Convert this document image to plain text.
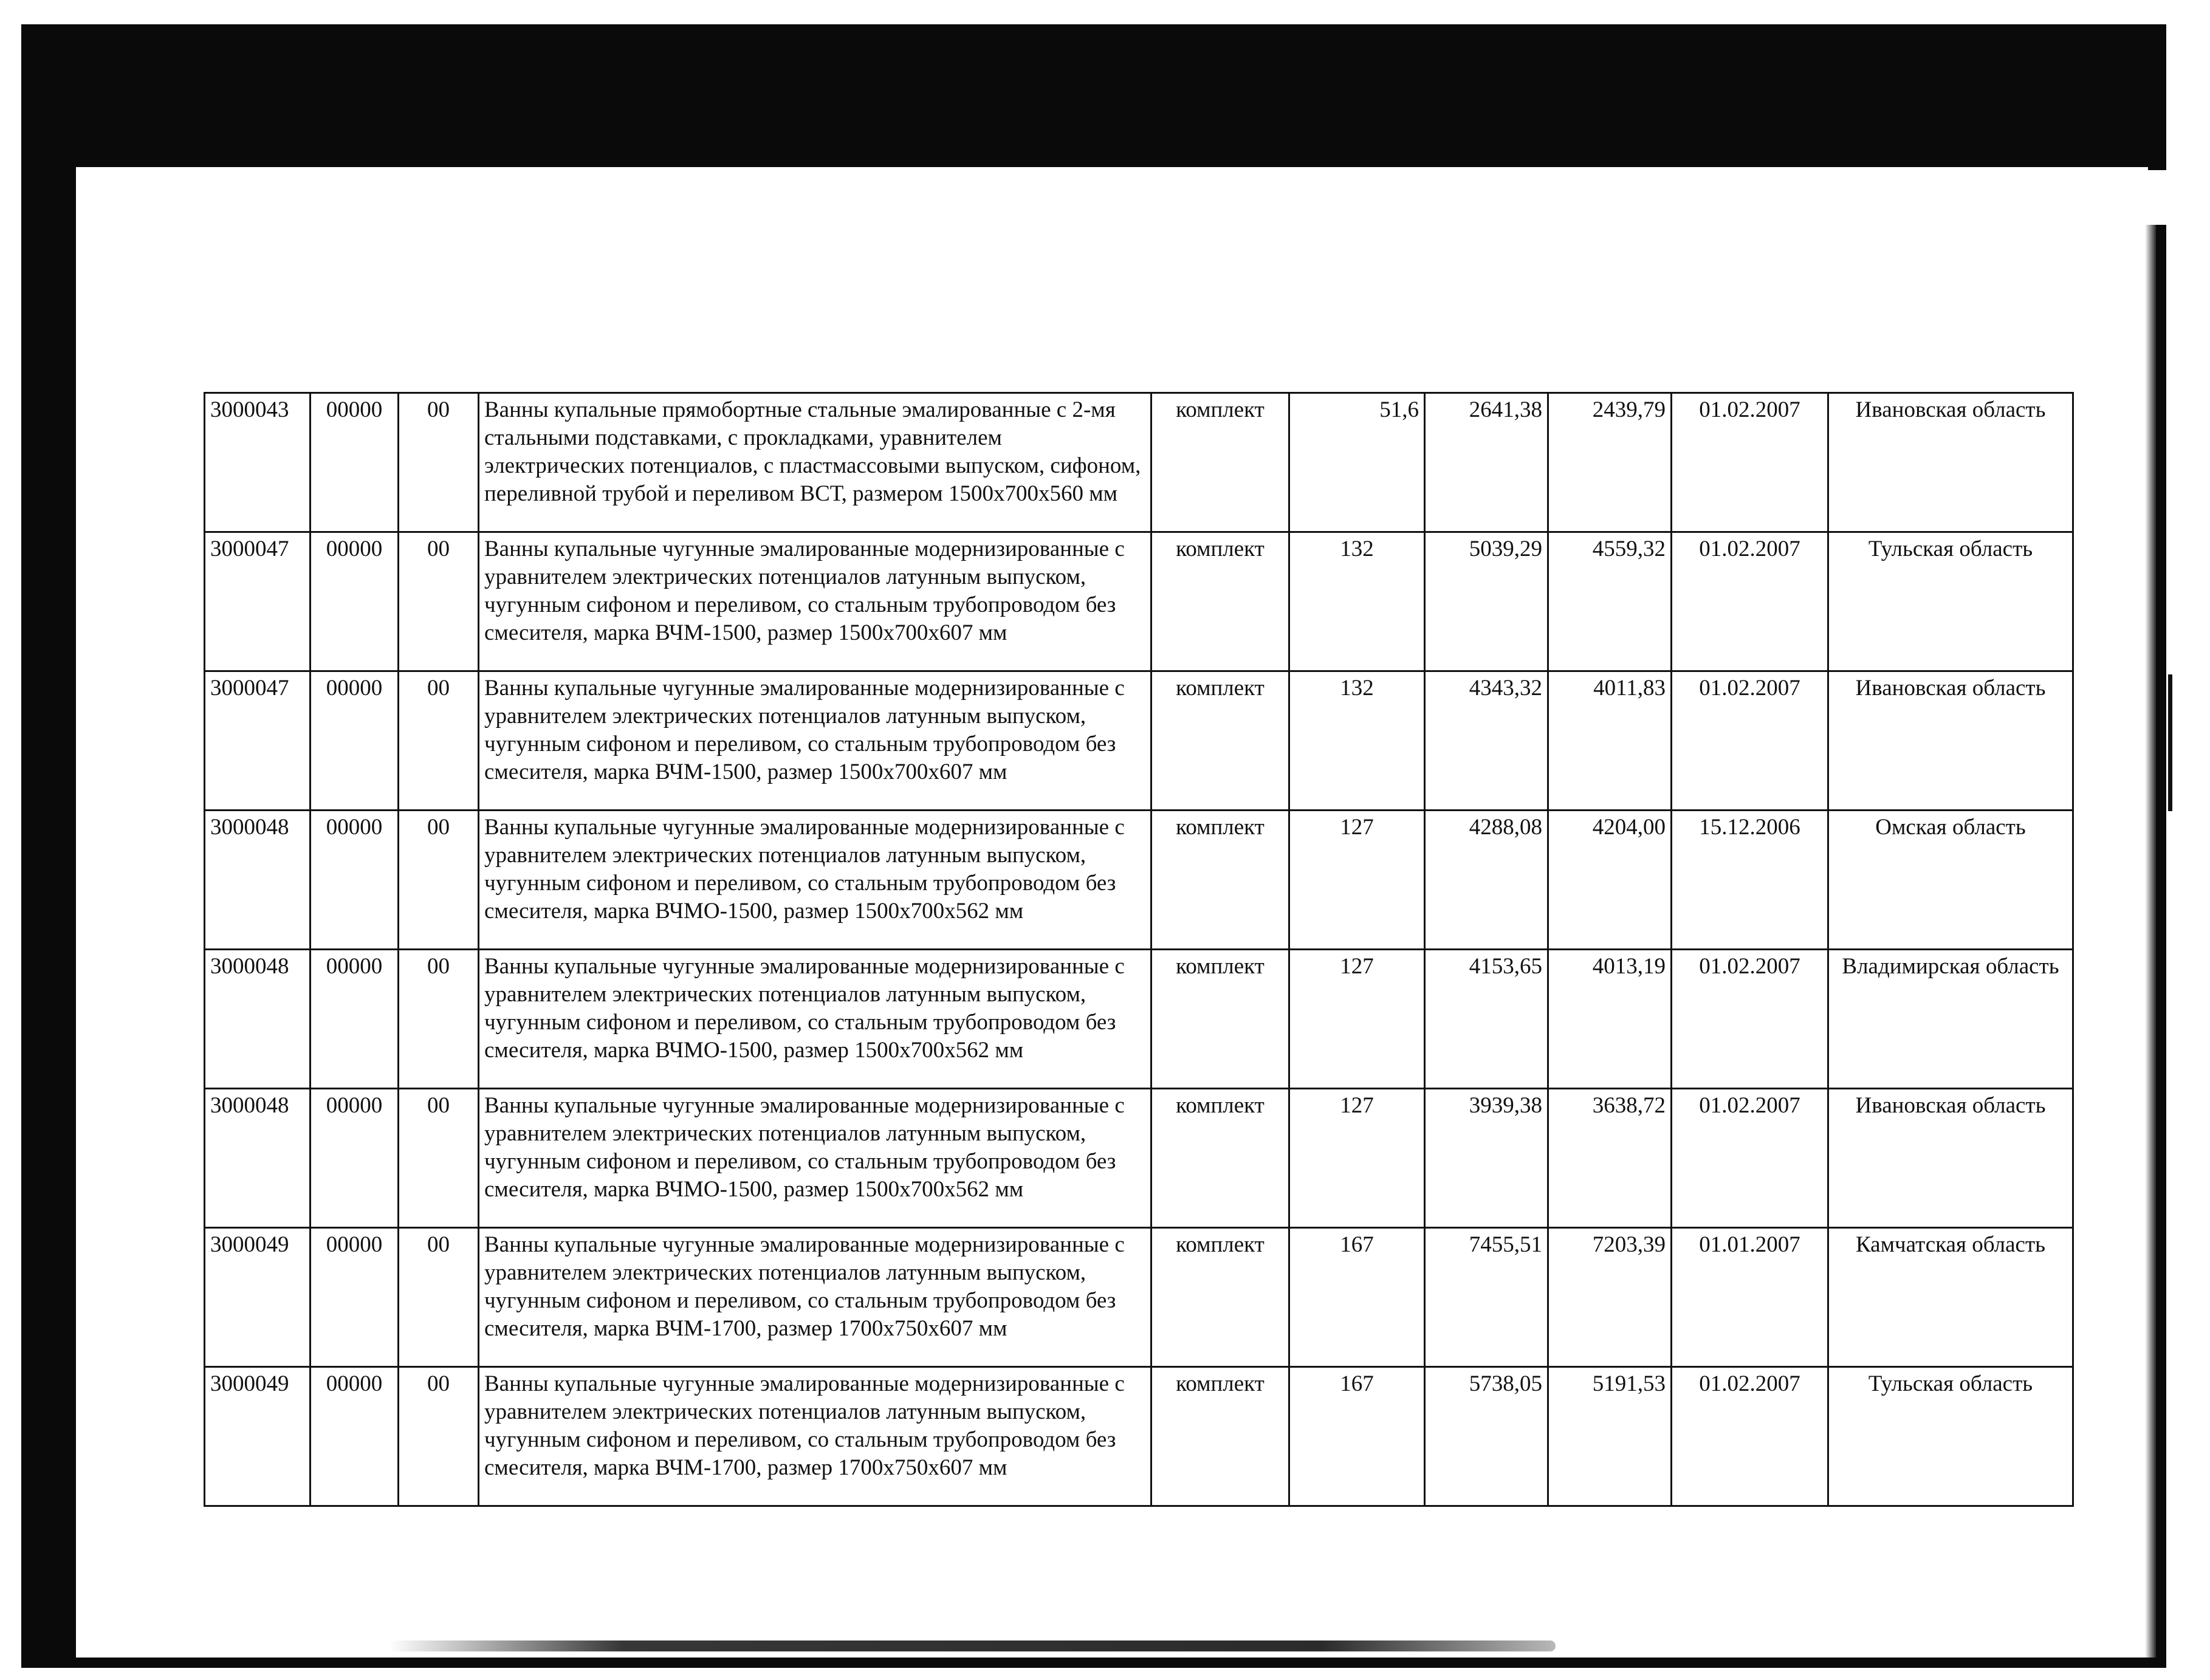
3000043	00000	00	Ванны купальные прямобортные стальные эмалированные с 2-мя стальными подставками, с прокладками, уравнителем электрических потенциалов, с пластмассовыми выпуском, сифоном, переливной трубой и переливом ВСТ, размером 1500x700x560 мм	комплект	51,6	2641,38	2439,79	01.02.2007	Ивановская область
3000047	00000	00	Ванны купальные чугунные эмалированные модернизированные с уравнителем электрических потенциалов латунным выпуском, чугунным сифоном и переливом, со стальным трубопроводом без смесителя, марка ВЧМ-1500, размер 1500x700x607 мм	комплект	132	5039,29	4559,32	01.02.2007	Тульская область
3000047	00000	00	Ванны купальные чугунные эмалированные модернизированные с уравнителем электрических потенциалов латунным выпуском, чугунным сифоном и переливом, со стальным трубопроводом без смесителя, марка ВЧМ-1500, размер 1500x700x607 мм	комплект	132	4343,32	4011,83	01.02.2007	Ивановская область
3000048	00000	00	Ванны купальные чугунные эмалированные модернизированные с уравнителем электрических потенциалов латунным выпуском, чугунным сифоном и переливом, со стальным трубопроводом без смесителя, марка ВЧМО-1500, размер 1500x700x562 мм	комплект	127	4288,08	4204,00	15.12.2006	Омская область
3000048	00000	00	Ванны купальные чугунные эмалированные модернизированные с уравнителем электрических потенциалов латунным выпуском, чугунным сифоном и переливом, со стальным трубопроводом без смесителя, марка ВЧМО-1500, размер 1500x700x562 мм	комплект	127	4153,65	4013,19	01.02.2007	Владимирская область
3000048	00000	00	Ванны купальные чугунные эмалированные модернизированные с уравнителем электрических потенциалов латунным выпуском, чугунным сифоном и переливом, со стальным трубопроводом без смесителя, марка ВЧМО-1500, размер 1500x700x562 мм	комплект	127	3939,38	3638,72	01.02.2007	Ивановская область
3000049	00000	00	Ванны купальные чугунные эмалированные модернизированные с уравнителем электрических потенциалов латунным выпуском, чугунным сифоном и переливом, со стальным трубопроводом без смесителя, марка ВЧМ-1700, размер 1700x750x607 мм	комплект	167	7455,51	7203,39	01.01.2007	Камчатская область
3000049	00000	00	Ванны купальные чугунные эмалированные модернизированные с уравнителем электрических потенциалов латунным выпуском, чугунным сифоном и переливом, со стальным трубопроводом без смесителя, марка ВЧМ-1700, размер 1700x750x607 мм	комплект	167	5738,05	5191,53	01.02.2007	Тульская область
